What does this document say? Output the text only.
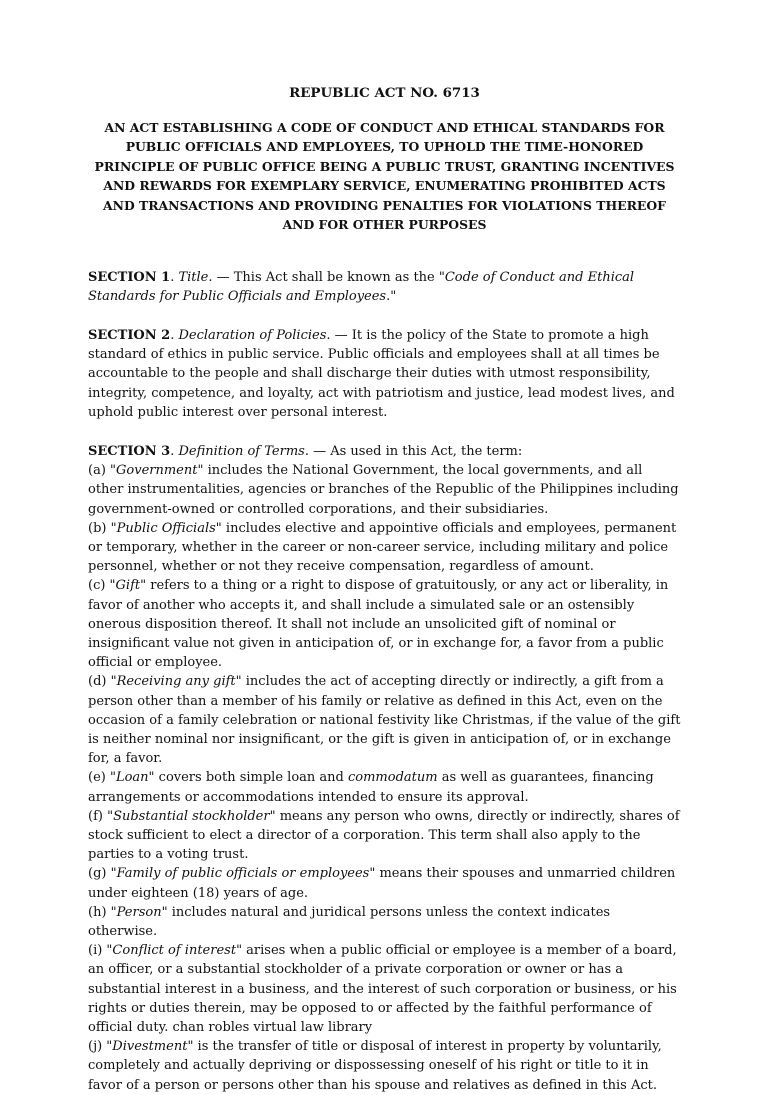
REPUBLIC ACT NO. 6713

AN ACT ESTABLISHING A CODE OF CONDUCT AND ETHICAL STANDARDS FOR PUBLIC OFFICIALS AND EMPLOYEES, TO UPHOLD THE TIME-HONORED PRINCIPLE OF PUBLIC OFFICE BEING A PUBLIC TRUST, GRANTING INCENTIVES AND REWARDS FOR EXEMPLARY SERVICE, ENUMERATING PROHIBITED ACTS AND TRANSACTIONS AND PROVIDING PENALTIES FOR VIOLATIONS THEREOF AND FOR OTHER PURPOSES

SECTION 1. Title. — This Act shall be known as the "Code of Conduct and Ethical Standards for Public Officials and Employees."

SECTION 2. Declaration of Policies. — It is the policy of the State to promote a high standard of ethics in public service. Public officials and employees shall at all times be accountable to the people and shall discharge their duties with utmost responsibility, integrity, competence, and loyalty, act with patriotism and justice, lead modest lives, and uphold public interest over personal interest.

SECTION 3. Definition of Terms. — As used in this Act, the term:
(a) "Government" includes the National Government, the local governments, and all other instrumentalities, agencies or branches of the Republic of the Philippines including government-owned or controlled corporations, and their subsidiaries.
(b) "Public Officials" includes elective and appointive officials and employees, permanent or temporary, whether in the career or non-career service, including military and police personnel, whether or not they receive compensation, regardless of amount.
(c) "Gift" refers to a thing or a right to dispose of gratuitously, or any act or liberality, in favor of another who accepts it, and shall include a simulated sale or an ostensibly onerous disposition thereof. It shall not include an unsolicited gift of nominal or insignificant value not given in anticipation of, or in exchange for, a favor from a public official or employee.
(d) "Receiving any gift" includes the act of accepting directly or indirectly, a gift from a person other than a member of his family or relative as defined in this Act, even on the occasion of a family celebration or national festivity like Christmas, if the value of the gift is neither nominal nor insignificant, or the gift is given in anticipation of, or in exchange for, a favor.
(e) "Loan" covers both simple loan and commodatum as well as guarantees, financing arrangements or accommodations intended to ensure its approval.
(f) "Substantial stockholder" means any person who owns, directly or indirectly, shares of stock sufficient to elect a director of a corporation. This term shall also apply to the parties to a voting trust.
(g) "Family of public officials or employees" means their spouses and unmarried children under eighteen (18) years of age.
(h) "Person" includes natural and juridical persons unless the context indicates otherwise.
(i) "Conflict of interest" arises when a public official or employee is a member of a board, an officer, or a substantial stockholder of a private corporation or owner or has a substantial interest in a business, and the interest of such corporation or business, or his rights or duties therein, may be opposed to or affected by the faithful performance of official duty. chan robles virtual law library
(j) "Divestment" is the transfer of title or disposal of interest in property by voluntarily, completely and actually depriving or dispossessing oneself of his right or title to it in favor of a person or persons other than his spouse and relatives as defined in this Act.
